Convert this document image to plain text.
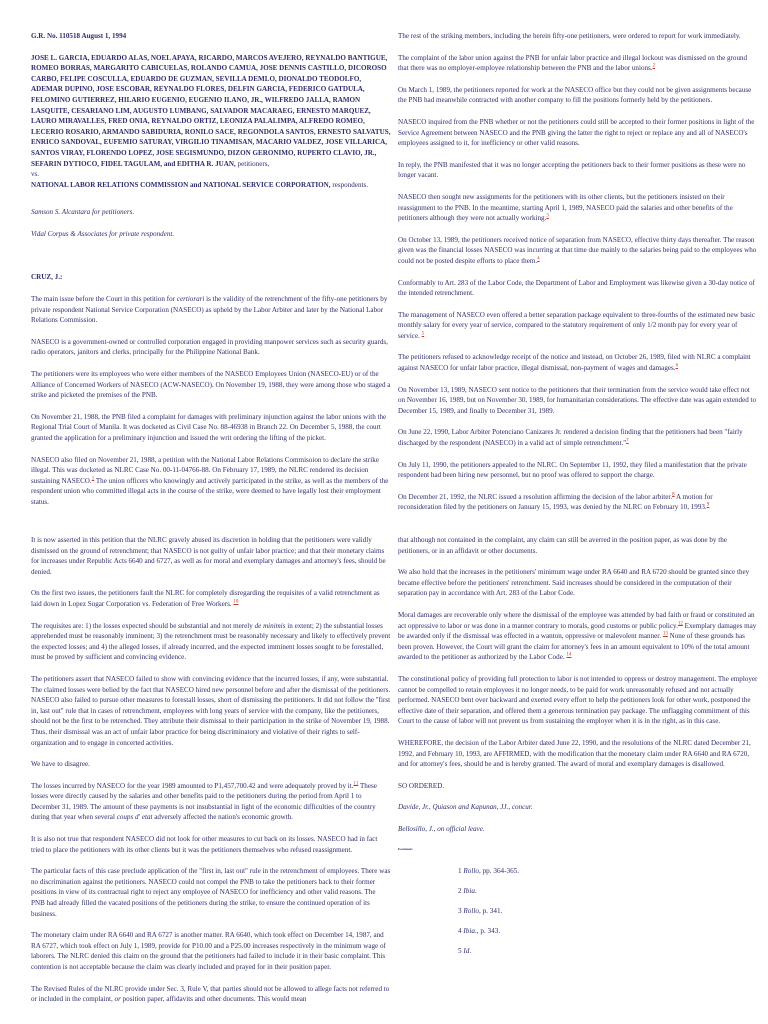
G.R. No. 110518 August 1, 1994

JOSE L. GARCIA, EDUARDO ALAS, NOEL APAYA, RICARDO, MARCOS AVEJERO, REYNALDO BANTIGUE, ROMEO BORRAS, MARGARITO CABICUELAS, ROLANDO CAMUA, JOSE DENNIS CASTILLO, DICOROSO CARBO, FELIPE COSCULLA, EDUARDO DE GUZMAN, SEVILLA DEMLO, DIONALDO TEODOLFO, ADEMAR DUPINO, JOSE ESCOBAR, REYNALDO FLORES, DELFIN GARCIA, FEDERICO GATDULA, FELOMINO GUTIERREZ, HILARIO EUGENIO, EUGENIO ILANO, JR., WILFREDO JALLA, RAMON LASQUITE, CESARIANO LIM, AUGUSTO LUMBANG, SALVADOR MACARAEG, ERNESTO MARQUEZ, LAURO MIRAVALLES, FRED ONIA, REYNALDO ORTIZ, LEONIZA PALALIMPA, ALFREDO ROMEO, LECERIO ROSARIO, ARMANDO SABIDURIA, RONILO SACE, REGONDOLA SANTOS, ERNESTO SALVATUS, ENRICO SANDOVAL, EUFEMIO SATURAY, VIRGILIO TINAMISAN, MACARIO VALDEZ, JOSE VILLARICA, SANTOS VIRAY, FLORENDO LOPEZ, JOSE SEGISMUNDO, DIZON GERONIMO, RUPERTO CLAVIO, JR., SEFARIN DYTIOCO, FIDEL TAGULAM, and EDITHA R. JUAN, petitioners,
vs.
NATIONAL LABOR RELATIONS COMMISSION and NATIONAL SERVICE CORPORATION, respondents.

Samson S. Alcantara for petitioners.

Vidal Corpus & Associates for private respondent.

CRUZ, J.:

The main issue before the Court in this petition for certiorari is the validity of the retrenchment of the fifty-one petitioners by private respondent National Service Corporation (NASECO) as upheld by the Labor Arbiter and later by the National Labor Relations Commission.

NASECO is a government-owned or controlled corporation engaged in providing manpower services such as security guards, radio operators, janitors and clerks, principally for the Philippine National Bank.

The petitioners were its employees who were either members of the NASECO Employees Union (NASECO-EU) or of the Alliance of Concerned Workers of NASECO (ACW-NASECO). On November 19, 1988, they were among those who staged a strike and picketed the premises of the PNB.

On November 21, 1988, the PNB filed a complaint for damages with preliminary injunction against the labor unions with the Regional Trial Court of Manila. It was docketed as Civil Case No. 88-46938 in Branch 22. On December 5, 1988, the court granted the application for a preliminary injunction and issued the writ ordering the lifting of the picket.

NASECO also filed on November 21, 1988, a petition with the National Labor Relations Commisoion to declare the strike illegal. This was docketed as NLRC Case No. 00-11-04766-88. On February 17, 1989, the NLRC rendered its decision sustaining NASECO.$^1$ The union officers who knowingly and actively participated in the strike, as well as the members of the respondent union who committed illegal acts in the course of the strike, were deemed to have legally lost their employment status.

The rest of the striking members, including the herein fifty-one petitioners, were ordered to report for work immediately.

The complaint of the labor union against the PNB for unfair labor practice and illegal lockout was dismissed on the ground that there was no employer-employee relationship between the PNB and the labor unions.$^2$

On March 1, 1989, the petitioners reported for work at the NASECO office but they could not be given assignments because the PNB had meanwhile contracted with another company to fill the positions formerly held by the petitioners.

NASECO inquired from the PNB whether or not the petitioners could still be accepted to their former positions in light of the Service Agreement between NASECO and the PNB giving the latter the right to reject or replace any and all of NASECO's employees assigned to it, for inefficiency or other valid reasons.

In reply, the PNB manifested that it was no longer accepting the petitioners back to their former positions as these were no longer vacant.

NASECO then sought new assignments for the petitioners with its other clients, but the petitioners insisted on their reassignment to the PNB. In the meantime, starting April 1, 1989, NASECO paid the salaries and other benefits of the petitioners although they were not actually working.$^3$

On October 13, 1989, the petitioners received notice of separation from NASECO, effective thirty days thereafter. The reason given was the financial losses NASECO was incurring at that time due mainly to the salaries being paid to the employees who could not be posted despite efforts to place them.$^4$

Conformably to Art. 283 of the Labor Code, the Department of Labor and Employment was likewise given a 30-day notice of the intended retrenchment.

The management of NASECO even offered a better separation package equivalent to three-fourths of the estimated new basic monthly salary for every year of service, compared to the statutory requirement of only 1/2 month pay for every year of service. $^5$

The petitioners refused to acknowledge receipt of the notice and instead, on October 26, 1989, filed with NLRC a complaint against NASECO for unfair labor practice, illegal dismissal, non-payment of wages and damages.$^6$

On November 13, 1989, NASECO sent notice to the petitioners that their termination from the service would take effect not on November 16, 1989, but on November 30, 1989, for humanitarian considerations. The effective date was again extended to December 15, 1989, and finally to December 31, 1989.

On June 22, 1990, Labor Arbiter Potenciano Canizares Jr. rendered a decision finding that the petitioners had been "fairly discharged by the respondent (NASECO) in a valid act of simple retrenchment."$^7$

On July 11, 1990, the petitioners appealed to the NLRC. On September 11, 1992, they filed a manifestation that the private respondent had been hiring new personnel, but no proof was offered to support the charge.

On December 21, 1992, the NLRC issued a resolution affirming the decision of the labor arbiter.$^8$ A motion for reconsideration filed by the petitioners on January 15, 1993, was denied by the NLRC on February 10, 1993.$^9$

It is now asserted in this petition that the NLRC gravely abused its discretion in holding that the petitioners were validly dismissed on the ground of retrenchment; that NASECO is not guilty of unfair labor practice; and that their monetary claims for increases under Republic Acts 6640 and 6727, as well as for moral and exemplary damages and attorney's fees, should be denied.

On the first two issues, the petitioners fault the NLRC for completely disregarding the requisites of a valid retrenchment as laid down in Lopez Sugar Corporation vs. Federation of Free Workers. $^{10}$

The requisites are: 1) the losses expected should be substantial and not merely de minimis in extent; 2) the substantial losses apprehended must be reasonably imminent; 3) the retrenchment must be reasonably necessary and likely to effectively prevent the expected losses; and 4) the alleged losses, if already incurred, and the expected imminent losses sought to be forestalled, must be proved by sufficient and convincing evidence.

The petitioners assert that NASECO failed to show with convincing evidence that the incurred losses, if any, were substantial. The claimed losses were belied by the fact that NASECO hired new personnel before and after the dismissal of the petitioners. NASECO also failed to pursue other measures to forestall losses, short of dismissing the petitioners. It did not follow the "first in, last out" rule that in cases of retrenchment, employees with long years of service with the company, like the petitioners, should not be the first to be retrenched. They attribute their dismissal to their participation in the strike of November 19, 1988. Thus, their dismissal was an act of unfair labor practice for being discriminatory and violative of their rights to self-organization and to engage in concerted activities.

We have to disagree.

The losses incurred by NASECO for the year 1989 amounted to P1,457,700.42 and were adequately proved by it.$^{11}$ These losses were directly caused by the salaries and other benefits paid to the petitioners during the period from April 1 to December 31, 1989. The amount of these payments is not insubstantial in light of the economic difficulties of the country during that year when several coups d' etat adversely affected the nation's economic growth.

It is also not true that respondent NASECO did not look for other measures to cut back on its losses. NASECO had in fact tried to place the petitioners with its other clients but it was the petitioners themselves who refused reassignment.

The particular facts of this case preclude application of the "first in, last out" rule in the retrenchment of employees. There was no discrimination against the petitioners. NASECO could not compel the PNB to take the petitioners back to their former positions in view of its contractual right to reject any employee of NASECO for inefficiency and other valid reasons. The PNB had already filled the vacated positions of the petitioners during the strike, to ensure the continued operation of its business.

The monetary claim under RA 6640 and RA 6727 is another matter. RA 6640, which took effect on December 14, 1987, and RA 6727, which took effect on July 1, 1989, provide for P10.00 and a P25.00 increases respectively in the minimum wage of laborers. The NLRC denied this claim on the ground that the petitioners had failed to include it in their basic complaint. This contention is not acceptable because the claim was clearly included and prayed for in their position paper.

The Revised Rules of the NLRC provide under Sec. 3, Rule V, that parties should not be allowed to allege facts not referred to or included in the complaint, or position paper, affidavits and other documents. This would mean

that although not contained in the complaint, any claim can still be averred in the position paper, as was done by the petitioners, or in an affidavit or other documents.

We also hold that the increases in the petitioners' minimum wage under RA 6640 and RA 6720 should be granted since they became effective before the petitioners' retrenchment. Said increases should be considered in the computation of their separation pay in accordance with Art. 283 of the Labor Code.

Moral damages are recoverable only where the dismissal of the employee was attended by bad faith or fraud or constituted an act oppressive to labor or was done in a manner contrary to morals, good customs or public policy.$^{12}$ Exemplary damages may be awarded only if the dismissal was effected in a wanton, oppressive or malevolent manner. $^{13}$ None of these grounds has been proven. However, the Court will grant the claim for attorney's fees in an amount equivalent to 10% of the total amount awarded to the petitioner as authorized by the Labor Code. $^{14}$

The constitutional policy of providing full protection to labor is not intended to oppress or destroy management. The employer cannot be compelled to retain employees it no longer needs, to be paid for work unreasonably refused and not actually performed. NASECO bent over backward and exerted every effort to help the petitioners look for other work, postponed the effective date of their separation, and offered them a generous termination pay package. The unflagging commitment of this Court to the cause of labor will not prevent us from sustaining the employer when it is in the right, as in this case.

WHEREFORE, the decision of the Labor Arbiter dated June 22, 1990, and the resolutions of the NLRC dated December 21, 1992, and February 10, 1993, are AFFIRMED, with the modification that the monetary claim under RA 6640 and RA 6720, and for attorney's fees, should be and is hereby granted. The award of moral and exemplary damages is disallowed.

SO ORDERED.

Davide, Jr., Quiason and Kapunan, JJ., concur.

Bellosillo, J., on official leave.

Footnotes
1 Rollo, pp. 364-365.
2 Ibia.
3 Rollo, p. 341.
4 Ibia., p. 343.
5 Id.
